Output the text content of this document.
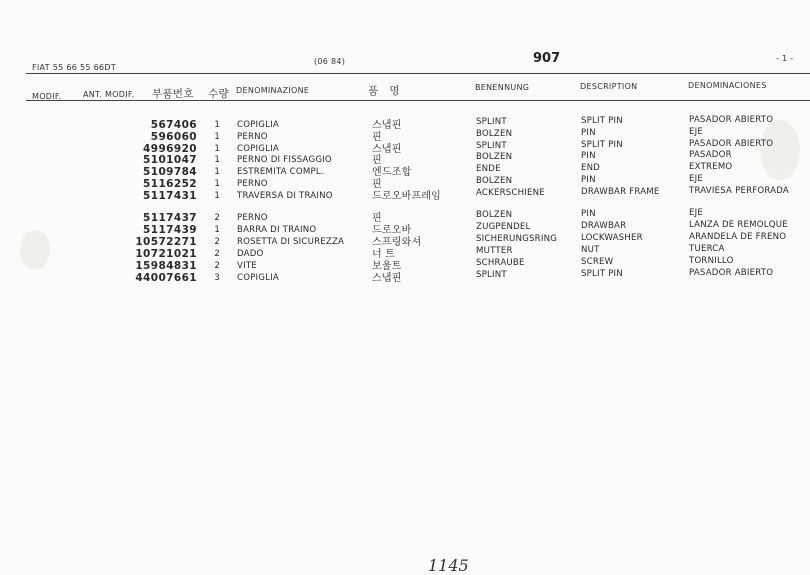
FIAT 55 66 55 66DT
(06 84)	907	- 1 -
MODIF.	ANT. MODIF. 부품번호 수량 DENOMINAZIONE	품   명	BENENNUNG	DESCRIPTION	DENOMINACIONES
567406	1 COPIGLIA	스냅핀	SPLINT	SPLIT PIN	PASADOR ABIERTO
596060	1 PERNO	핀	BOLZEN	PIN	EJE
4996920	1 COPIGLIA	스냅핀	SPLINT	SPLIT PIN	PASADOR ABIERTO
5101047	1 PERNO DI FISSAGGIO	핀	BOLZEN	PIN	PASADOR
5109784	1 ESTREMITA COMPL.	엔드조합	ENDE	END	EXTREMO
5116252	1 PERNO	핀	BOLZEN	PIN	EJE
5117431	1 TRAVERSA DI TRAINO	드로오바프레임	ACKERSCHIENE	DRAWBAR FRAME	TRAVIESA PERFORADA
5117437	2 PERNO	핀	BOLZEN	PIN	EJE
5117439	1 BARRA DI TRAINO	드로오바	ZUGPENDEL	DRAWBAR	LANZA DE REMOLQUE
10572271	2 ROSETTA DI SICUREZZA	스프링와셔	SICHERUNGSRING	LOCKWASHER	ARANDELA DE FRENO
10721021	2 DADO	너 트	MUTTER	NUT	TUERCA
15984831	2 VITE	보울트	SCHRAUBE	SCREW	TORNILLO
44007661	3 COPIGLIA	스냅핀	SPLINT	SPLIT PIN	PASADOR ABIERTO
1145
